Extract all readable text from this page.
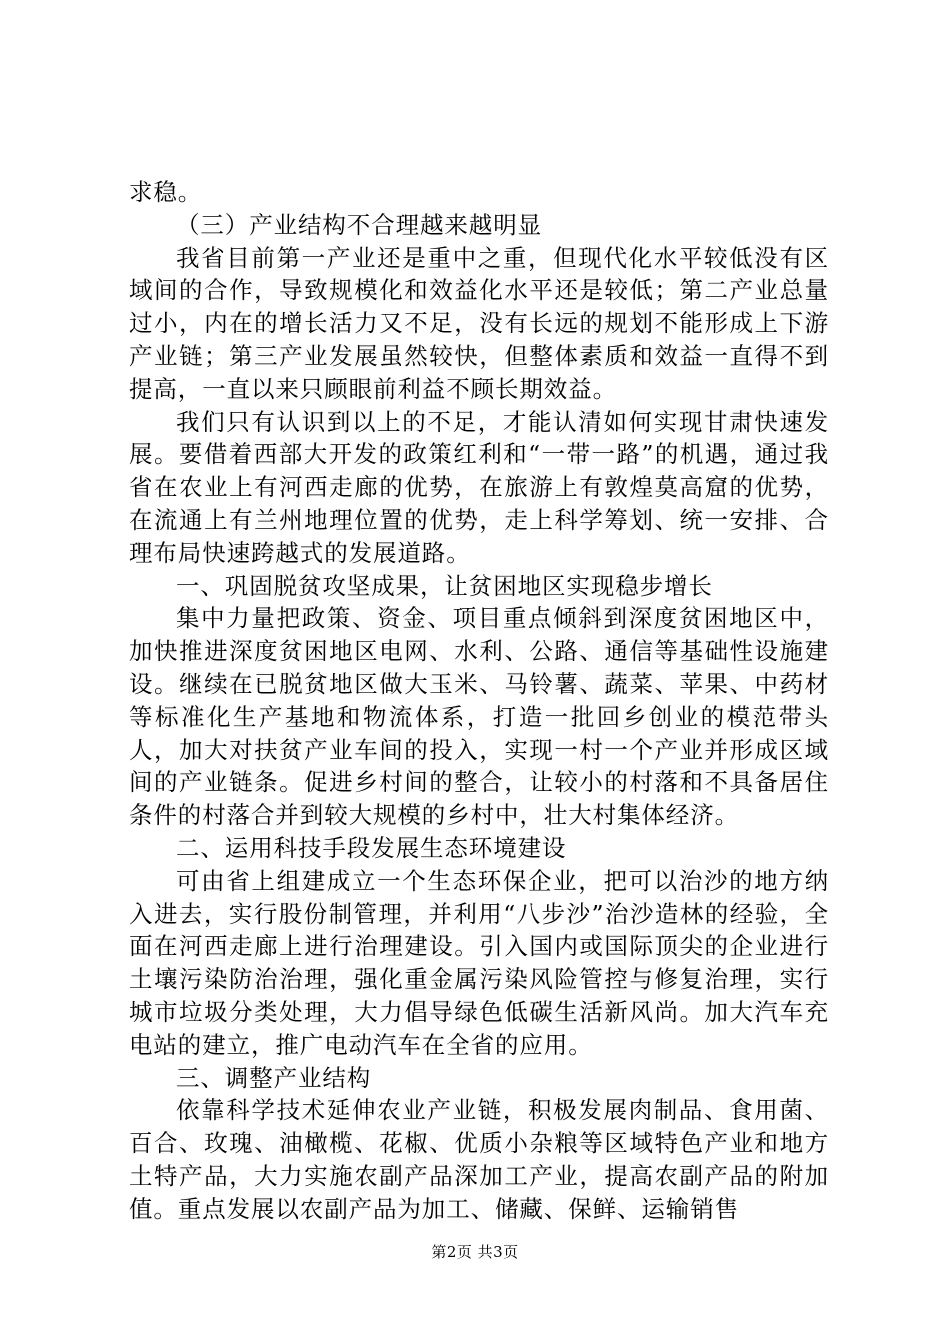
求稳。

（三）产业结构不合理越来越明显

我省目前第一产业还是重中之重，但现代化水平较低没有区域间的合作，导致规模化和效益化水平还是较低；第二产业总量过小，内在的增长活力又不足，没有长远的规划不能形成上下游产业链；第三产业发展虽然较快，但整体素质和效益一直得不到提高，一直以来只顾眼前利益不顾长期效益。

我们只有认识到以上的不足，才能认清如何实现甘肃快速发展。要借着西部大开发的政策红利和“一带一路”的机遇，通过我省在农业上有河西走廊的优势，在旅游上有敦煌莫高窟的优势，在流通上有兰州地理位置的优势，走上科学筹划、统一安排、合理布局快速跨越式的发展道路。

一、巩固脱贫攻坚成果，让贫困地区实现稳步增长

集中力量把政策、资金、项目重点倾斜到深度贫困地区中，加快推进深度贫困地区电网、水利、公路、通信等基础性设施建设。继续在已脱贫地区做大玉米、马铃薯、蔬菜、苹果、中药材等标准化生产基地和物流体系，打造一批回乡创业的模范带头人，加大对扶贫产业车间的投入，实现一村一个产业并形成区域间的产业链条。促进乡村间的整合，让较小的村落和不具备居住条件的村落合并到较大规模的乡村中，壮大村集体经济。

二、运用科技手段发展生态环境建设

可由省上组建成立一个生态环保企业，把可以治沙的地方纳入进去，实行股份制管理，并利用“八步沙”治沙造林的经验，全面在河西走廊上进行治理建设。引入国内或国际顶尖的企业进行土壤污染防治治理，强化重金属污染风险管控与修复治理，实行城市垃圾分类处理，大力倡导绿色低碳生活新风尚。加大汽车充电站的建立，推广电动汽车在全省的应用。

三、调整产业结构

依靠科学技术延伸农业产业链，积极发展肉制品、食用菌、百合、玫瑰、油橄榄、花椒、优质小杂粮等区域特色产业和地方土特产品，大力实施农副产品深加工产业，提高农副产品的附加值。重点发展以农副产品为加工、储藏、保鲜、运输销售

第2页 共3页
